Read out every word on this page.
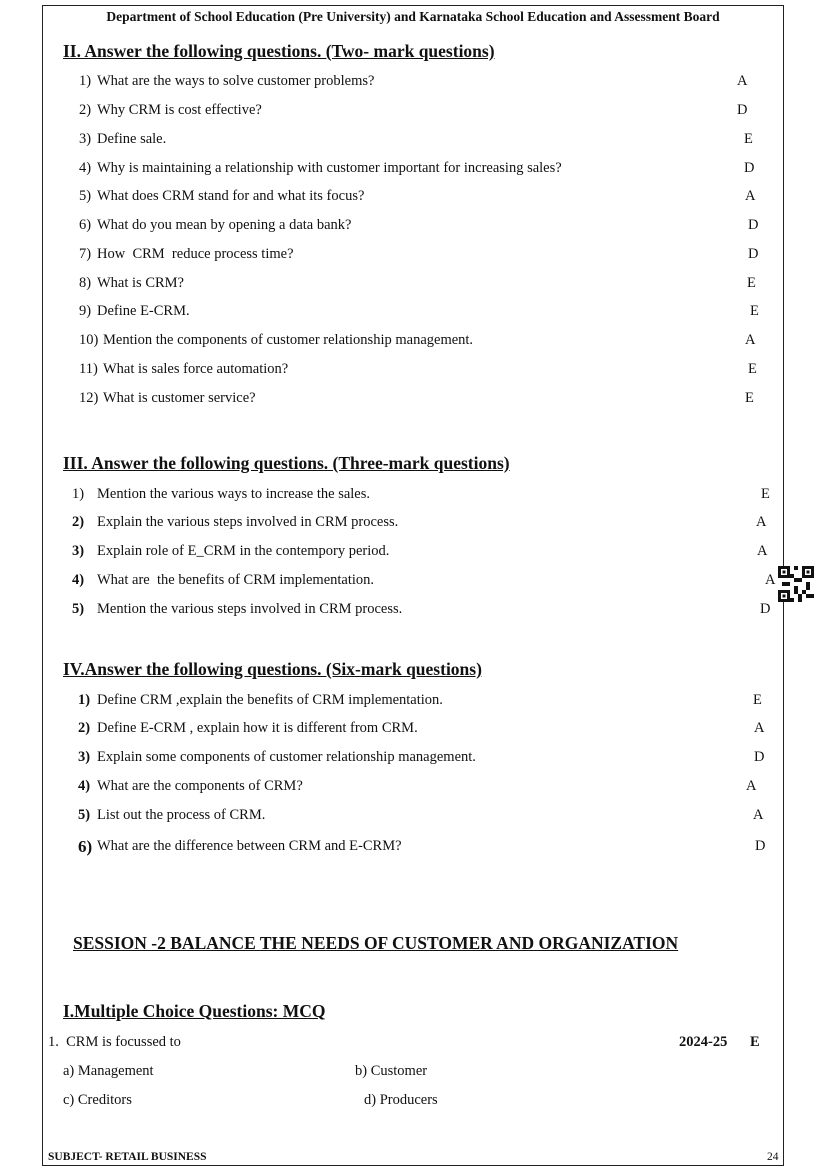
Department of School Education (Pre University) and Karnataka School Education and Assessment Board
II. Answer the following questions. (Two- mark questions)
1) What are the ways to solve customer problems?	A
2) Why CRM is cost effective?	D
3) Define sale.	E
4) Why is maintaining a relationship with customer important for increasing sales?	D
5) What does CRM stand for and what its focus?	A
6) What do you mean by opening a data bank?	D
7) How  CRM  reduce process time?	D
8) What is CRM?	E
9) Define E-CRM.	E
10) Mention the components of customer relationship management.	A
11) What is sales force automation?	E
12) What is customer service?	E
III. Answer the following questions. (Three-mark questions)
1) Mention the various ways to increase the sales.	E
2) Explain the various steps involved in CRM process.	A
3) Explain role of E_CRM in the contempory period.	A
4) What are  the benefits of CRM implementation.	A
5) Mention the various steps involved in CRM process.	D
IV.Answer the following questions. (Six-mark questions)
1) Define CRM ,explain the benefits of CRM implementation.	E
2) Define E-CRM , explain how it is different from CRM.	A
3) Explain some components of customer relationship management.	D
4) What are the components of CRM?	A
5) List out the process of CRM.	A
6) What are the difference between CRM and E-CRM?	D
SESSION -2 BALANCE THE NEEDS OF CUSTOMER AND ORGANIZATION
I.Multiple Choice Questions: MCQ
1.  CRM is focussed to	2024-25 E
a) Management	b) Customer
c) Creditors	d) Producers
SUBJECT- RETAIL BUSINESS	24
